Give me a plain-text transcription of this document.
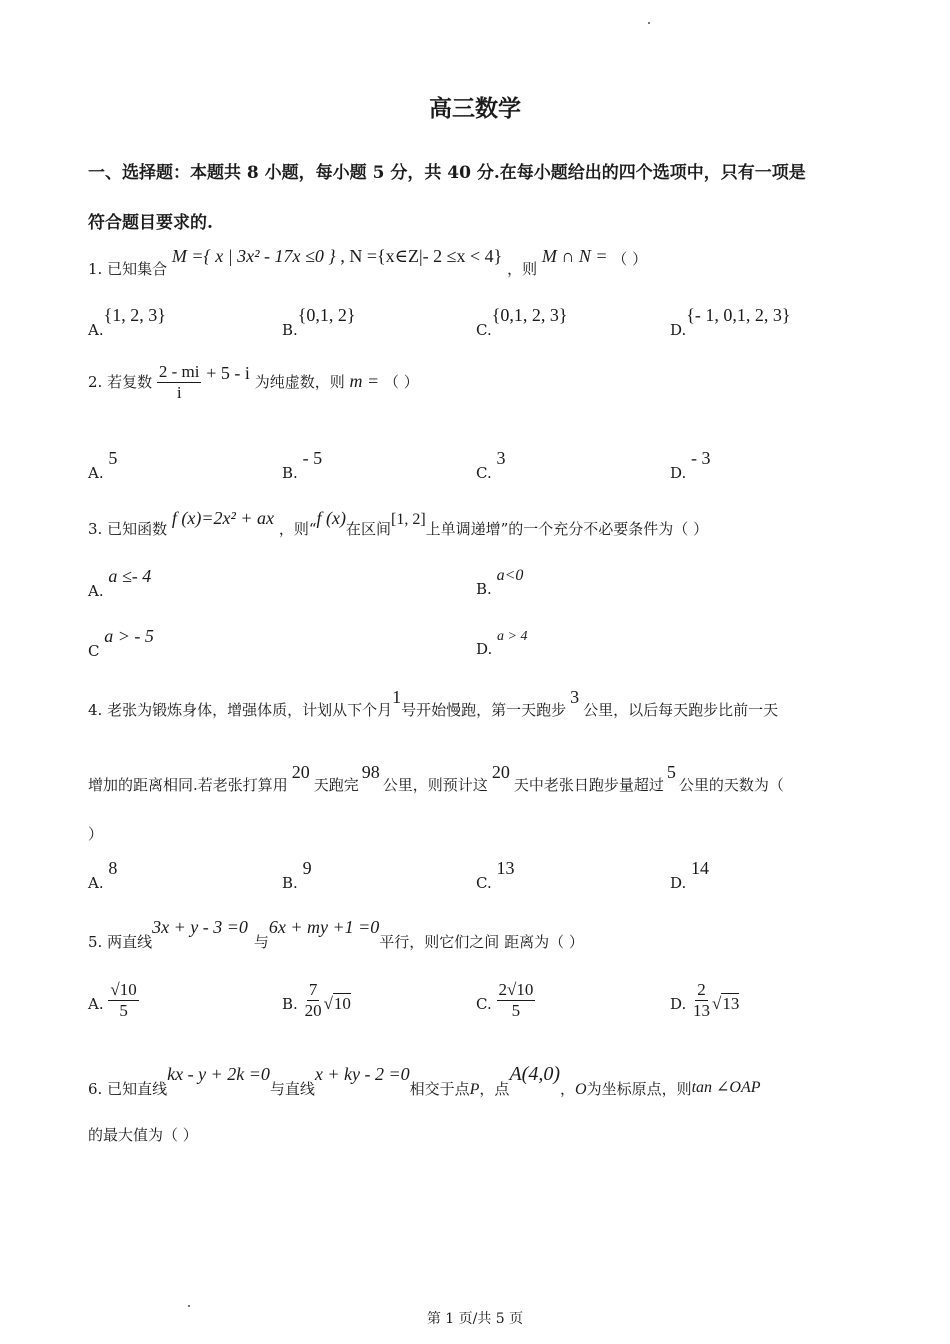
高三数学
一、选择题：本题共 8 小题，每小题 5 分，共 40 分.在每小题给出的四个选项中，只有一项是
符合题目要求的.
1. 已知集合 M ={ x | 3x² - 17x ≤0 } , N ={x∈Z|- 2 ≤x < 4} ，则 M ∩ N = （ ）
A.{1, 2, 3}
B.{0,1, 2}
C.{0,1, 2, 3}
D.{- 1, 0,1, 2, 3}
2. 若复数 $\frac{2 - mi}{i} + 5 - i$ 为纯虚数，则 m = （ ）
A. 5
B. - 5
C. 3
D. - 3
3. 已知函数 f (x)=2x² + ax ，则“f (x)在区间[1, 2]上单调递增”的一个充分不必要条件为（ ）
A. a ≤- 4
B. a<0
C a > - 5
D. a > 4
4. 老张为锻炼身体，增强体质，计划从下个月1号开始慢跑，第一天跑步3公里，以后每天跑步比前一天
增加的距离相同.若老张打算用20天跑完98公里，则预计这20天中老张日跑步量超过5公里的天数为（
）
A. 8
B. 9
C. 13
D. 14
5. 两直线3x + y - 3 =0与6x + my +1 =0平行，则它们之间 距离为（ ）
A. $\frac{√10}{5}$	B. $\frac{7}{20} √10$	C. $\frac{2√10}{5}$	D. $\frac{2}{13} √13$
6. 已知直线kx - y + 2k =0与直线x + ky - 2 =0相交于点P，点A(4,0)，O为坐标原点，则tan ∠OAP
的最大值为（ ）
第 1 页/共 5 页
